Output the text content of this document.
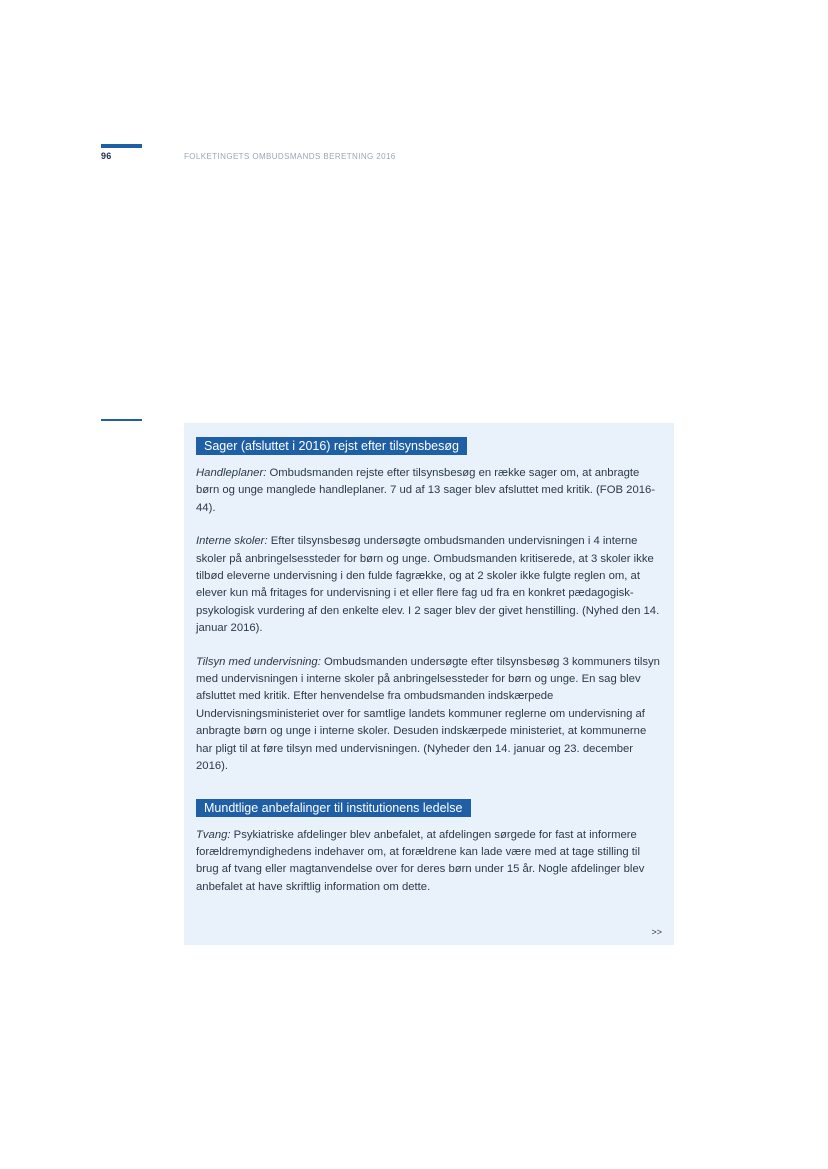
96	FOLKETINGETS OMBUDSMANDS BERETNING 2016
Sager (afsluttet i 2016) rejst efter tilsynsbesøg

Handleplaner: Ombudsmanden rejste efter tilsynsbesøg en række sager om, at anbragte børn og unge manglede handleplaner. 7 ud af 13 sager blev afsluttet med kritik. (FOB 2016-44).

Interne skoler: Efter tilsynsbesøg undersøgte ombudsmanden undervisningen i 4 interne skoler på anbringelsessteder for børn og unge. Ombudsmanden kritiserede, at 3 skoler ikke tilbød eleverne undervisning i den fulde fagrække, og at 2 skoler ikke fulgte reglen om, at elever kun må fritages for undervisning i et eller flere fag ud fra en konkret pædagogisk-psykologisk vurdering af den enkelte elev. I 2 sager blev der givet henstilling. (Nyhed den 14. januar 2016).

Tilsyn med undervisning: Ombudsmanden undersøgte efter tilsynsbesøg 3 kommuners tilsyn med undervisningen i interne skoler på anbringelsessteder for børn og unge. En sag blev afsluttet med kritik. Efter henvendelse fra ombudsmanden indskærpede Undervisningsministeriet over for samtlige landets kommuner reglerne om undervisning af anbragte børn og unge i interne skoler. Desuden indskærpede ministeriet, at kommunerne har pligt til at føre tilsyn med undervisningen. (Nyheder den 14. januar og 23. december 2016).

Mundtlige anbefalinger til institutionens ledelse

Tvang: Psykiatriske afdelinger blev anbefalet, at afdelingen sørgede for fast at informere forældremyndighedens indehaver om, at forældrene kan lade være med at tage stilling til brug af tvang eller magtanvendelse over for deres børn under 15 år. Nogle afdelinger blev anbefalet at have skriftlig information om dette.

>>
